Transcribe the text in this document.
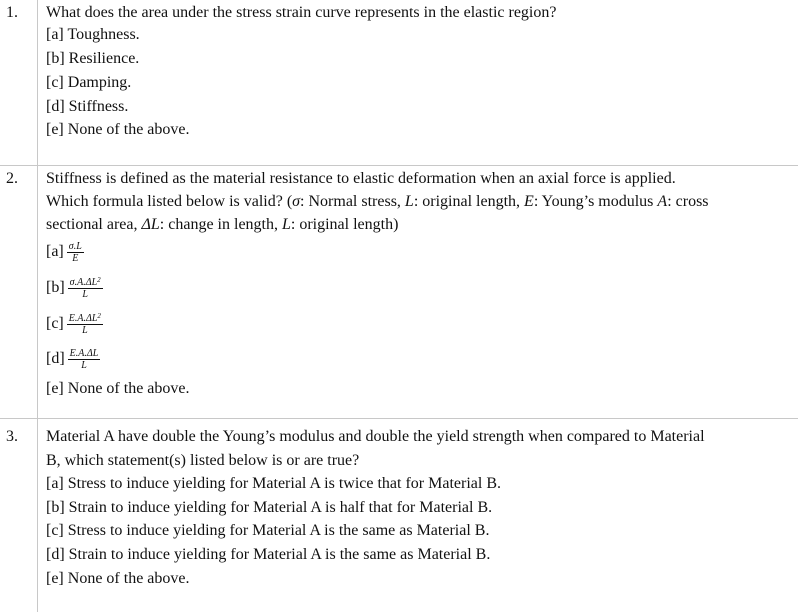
1. What does the area under the stress strain curve represents in the elastic region?
[a] Toughness.
[b] Resilience.
[c] Damping.
[d] Stiffness.
[e] None of the above.
2. Stiffness is defined as the material resistance to elastic deformation when an axial force is applied.
Which formula listed below is valid? (σ: Normal stress, L: original length, E: Young’s modulus A: cross
sectional area, ΔL: change in length, L: original length)
$[a] \frac{\sigma.L}{E}$
$[b] \frac{\sigma.A.\Delta L^2}{L}$
$[c] \frac{E.A.\Delta L^2}{L}$
$[d] \frac{E.A.\Delta L}{L}$
[e] None of the above.
3. Material A have double the Young’s modulus and double the yield strength when compared to Material
B, which statement(s) listed below is or are true?
[a] Stress to induce yielding for Material A is twice that for Material B.
[b] Strain to induce yielding for Material A is half that for Material B.
[c] Stress to induce yielding for Material A is the same as Material B.
[d] Strain to induce yielding for Material A is the same as Material B.
[e] None of the above.
